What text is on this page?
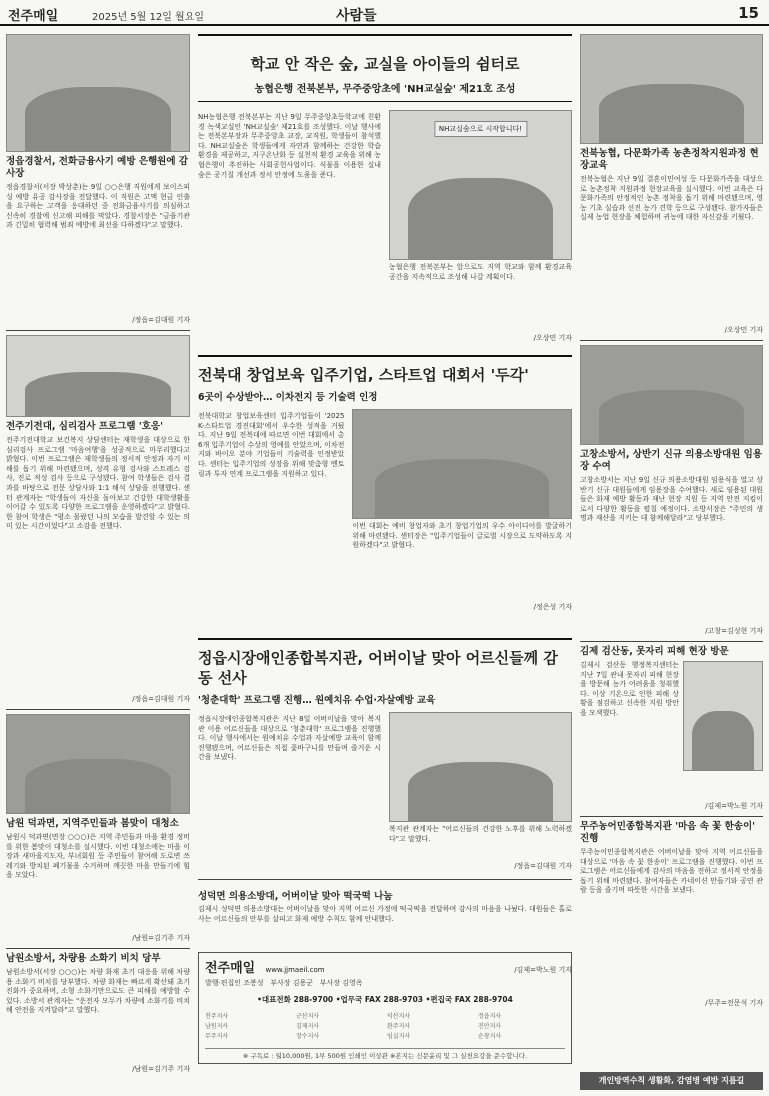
전주매일	2025년 5월 12일 월요일	사람들	15
정읍경찰서, 전화금융사기 예방 은행원에 감사장
정읍경찰서(서장 박상춘)는 9일 ○○은행 직원에게 보이스피싱 예방 유공 감사장을 전달했다. 이 직원은 고액 현금 인출을 요구하는 고객을 응대하던 중 전화금융사기를 의심하고 신속히 경찰에 신고해 피해를 막았다. 경찰서장은 "금융기관과 긴밀히 협력해 범죄 예방에 최선을 다하겠다"고 말했다.
/정읍=김대원 기자
전주기전대, 심리검사 프로그램 '호응'
전주기전대학교 보건복지 상담센터는 재학생을 대상으로 한 심리검사 프로그램 '마음여행'을 성공적으로 마무리했다고 밝혔다. 이번 프로그램은 재학생들의 정서적 안정과 자기 이해를 돕기 위해 마련됐으며, 성격 유형 검사와 스트레스 검사, 진로 적성 검사 등으로 구성됐다. 참여 학생들은 검사 결과를 바탕으로 전문 상담사와 1:1 해석 상담을 진행했다. 센터 관계자는 "학생들이 자신을 돌아보고 건강한 대학생활을 이어갈 수 있도록 다양한 프로그램을 운영하겠다"고 밝혔다. 한 참여 학생은 "평소 몰랐던 나의 모습을 발견할 수 있는 의미 있는 시간이었다"고 소감을 전했다.
/정읍=김대원 기자
남원 덕과면, 지역주민들과 봄맞이 대청소
남원시 덕과면(면장 ○○○)은 지역 주민들과 마을 환경 정비를 위한 봄맞이 대청소를 실시했다. 이번 대청소에는 마을 이장과 새마을지도자, 부녀회원 등 주민들이 참여해 도로변 쓰레기와 방치된 폐기물을 수거하며 깨끗한 마을 만들기에 힘을 모았다.
/남원=김기주 기자
남원소방서, 차량용 소화기 비치 당부
남원소방서(서장 ○○○)는 차량 화재 초기 대응을 위해 차량용 소화기 비치를 당부했다. 차량 화재는 빠르게 확산돼 초기 진화가 중요하며, 소형 소화기만으로도 큰 피해를 예방할 수 있다. 소방서 관계자는 "운전자 모두가 차량에 소화기를 비치해 안전을 지켜달라"고 말했다.
/남원=김기주 기자
학교 안 작은 숲, 교실을 아이들의 쉼터로
농협은행 전북본부, 무주중앙초에 'NH교실숲' 제21호 조성
NH농협은행 전북본부는 지난 9일 무주중앙초등학교에 친환경 녹색교실인 'NH교실숲' 제21호를 조성했다. 이날 행사에는 전북본부장과 무주중앙초 교장, 교직원, 학생들이 참석했다. NH교실숲은 학생들에게 자연과 함께하는 건강한 학습 환경을 제공하고, 지구온난화 등 실천적 환경 교육을 위해 농협은행이 추진하는 사회공헌사업이다. 식물을 이용한 실내 숲은 공기질 개선과 정서 안정에 도움을 준다.
NH교실숲으로 시작합니다!
농협은행 전북본부는 앞으로도 지역 학교와 함께 환경교육 공간을 지속적으로 조성해 나갈 계획이다.
/오상민 기자
전북대 창업보육 입주기업, 스타트업 대회서 '두각'
6곳이 수상받아… 이차전지 등 기술력 인정
전북대학교 창업보육센터 입주기업들이 '2025 K-스타트업 경진대회'에서 우수한 성적을 거뒀다. 지난 9일 전북대에 따르면 이번 대회에서 총 6개 입주기업이 수상의 영예를 안았으며, 이차전지와 바이오 분야 기업들이 기술력을 인정받았다. 센터는 입주기업의 성장을 위해 맞춤형 멘토링과 투자 연계 프로그램을 지원하고 있다.
이번 대회는 예비 창업자와 초기 창업기업의 우수 아이디어를 발굴하기 위해 마련됐다. 센터장은 "입주기업들이 글로벌 시장으로 도약하도록 지원하겠다"고 밝혔다.
/정은성 기자
정읍시장애인종합복지관, 어버이날 맞아 어르신들께 감동 선사
'청춘대학' 프로그램 진행… 원예치유 수업·자살예방 교육
정읍시장애인종합복지관은 지난 8일 어버이날을 맞아 복지관 이용 어르신들을 대상으로 '청춘대학' 프로그램을 진행했다. 이날 행사에서는 원예치유 수업과 자살예방 교육이 함께 진행됐으며, 어르신들은 직접 꽃바구니를 만들며 즐거운 시간을 보냈다.
복지관 관계자는 "어르신들의 건강한 노후를 위해 노력하겠다"고 말했다.
/정읍=김대원 기자
성덕면 의용소방대, 어버이날 맞아 떡국떡 나눔
김제시 성덕면 의용소방대는 어버이날을 맞아 지역 어르신 가정에 떡국떡을 전달하며 감사의 마음을 나눴다. 대원들은 홀로 사는 어르신들의 안부를 살피고 화재 예방 수칙도 함께 안내했다.
/김제=박노원 기자
전주매일 www.jjmaeil.com
발행·편집인 조봉성 부사장 김용군 부사장 김영옥
•대표전화 288-9700 •업무국 FAX 288-9703 •편집국 FAX 288-9704
전주지사	군산지사	익산지사	정읍지사
남원지사	김제지사	완주지사	진안지사
무주지사	장수지사	임실지사	순창지사
※ 구독료 : 월10,000원, 1부 500원 인쇄인 이상관 ※본지는 신문윤리 및 그 실천요강을 준수합니다.
전북농협, 다문화가족 농촌정착지원과정 현장교육
전북농협은 지난 9일 결혼이민여성 등 다문화가족을 대상으로 농촌정착 지원과정 현장교육을 실시했다. 이번 교육은 다문화가족의 안정적인 농촌 정착을 돕기 위해 마련됐으며, 영농 기초 실습과 선진 농가 견학 등으로 구성됐다. 참가자들은 실제 농업 현장을 체험하며 귀농에 대한 자신감을 키웠다.
/오상민 기자
고창소방서, 상반기 신규 의용소방대원 임용장 수여
고창소방서는 지난 9일 신규 의용소방대원 임용식을 열고 상반기 신규 대원들에게 임용장을 수여했다. 새로 임용된 대원들은 화재 예방 활동과 재난 현장 지원 등 지역 안전 지킴이로서 다양한 활동을 펼칠 예정이다. 소방서장은 "주민의 생명과 재산을 지키는 데 함께해달라"고 당부했다.
/고창=김성현 기자
김제 검산동, 못자리 피해 현장 방문
김제시 검산동 행정복지센터는 지난 7일 관내 못자리 피해 현장을 방문해 농가 어려움을 청취했다. 이상 기온으로 인한 피해 상황을 점검하고 신속한 지원 방안을 모색했다.
/김제=박노원 기자
무주농어민종합복지관 '마음 속 꽃 한송이' 진행
무주농어민종합복지관은 어버이날을 맞아 지역 어르신들을 대상으로 '마음 속 꽃 한송이' 프로그램을 진행했다. 이번 프로그램은 어르신들에게 감사의 마음을 전하고 정서적 안정을 돕기 위해 마련됐다. 참여자들은 카네이션 만들기와 공연 관람 등을 즐기며 따뜻한 시간을 보냈다.
/무주=전문석 기자
개인방역수칙 생활화, 감염병 예방 지름길
